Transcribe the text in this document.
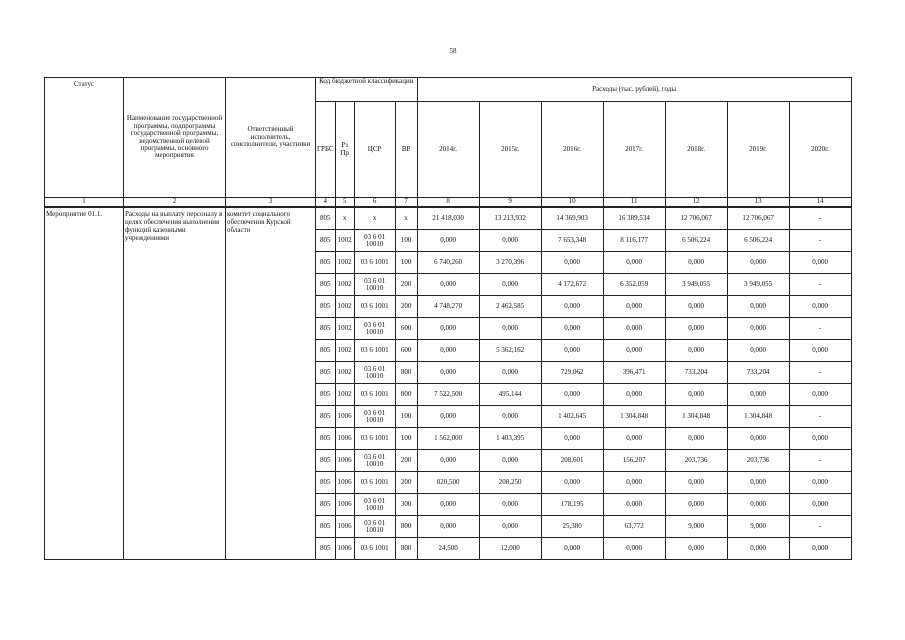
58
Статус	Наименование государственной программы, подпрограммы государственной программы, ведомственной целевой программы, основного мероприятия	Ответственный исполнитель, соисполнители, участники	Код бюджетной классификации				Расходы (тыс. рублей), годы						
			ГРБС	Рз Пр	ЦСР	ВР	2014г.	2015г.	2016г.	2017г.	2018г.	2019г.	2020г.
1	2	3	4	5	6	7	8	9	10	11	12	13	14
Мероприятие 01.1.	Расходы на выплату персоналу в целях обеспечения выполнения функций казенными учреждениями	комитет социального обеспечения Курской области	805	x	x	x	21 418,030	13 213,932	14 369,903	16 389,534	12 706,067	12 706,067	-
			805	1002	03 6 01 10010	100	0,000	0,000	7 653,348	8 116,177	6 506,224	6 506,224	-
			805	1002	03 6 1001	100	6 740,260	3 270,396	0,000	0,000	0,000	0,000	0,000
			805	1002	03 6 01 10010	200	0,000	0,000	4 172,672	6 352,059	3 949,055	3 949,055	-
			805	1002	03 6 1001	200	4 748,270	2 462,585	0,000	0,000	0,000	0,000	0,000
			805	1002	03 6 01 10010	600	0,000	0,000	0,000	0,000	0,000	0,000	-
			805	1002	03 6 1001	600	0,000	5 362,162	0,000	0,000	0,000	0,000	0,000
			805	1002	03 6 01 10010	800	0,000	0,000	729,062	396,471	733,204	733,204	-
			805	1002	03 6 1001	800	7 522,500	495,144	0,000	0,000	0,000	0,000	0,000
			805	1006	03 6 01 10010	100	0,000	0,000	1 402,645	1 304,848	1 304,848	1 304,848	-
			805	1006	03 6 1001	100	1 562,000	1 403,395	0,000	0,000	0,000	0,000	0,000
			805	1006	03 6 01 10010	200	0,000	0,000	208,601	156,207	203,736	203,736	-
			805	1006	03 6 1001	200	820,500	208,250	0,000	0,000	0,000	0,000	0,000
			805	1006	03 6 01 10010	300	0,000	0,000	178,195	0,000	0,000	0,000	0,000
			805	1006	03 6 01 10010	800	0,000	0,000	25,380	63,772	9,000	9,000	-
			805	1006	03 6 1001	800	24,500	12,000	0,000	0,000	0,000	0,000	0,000
